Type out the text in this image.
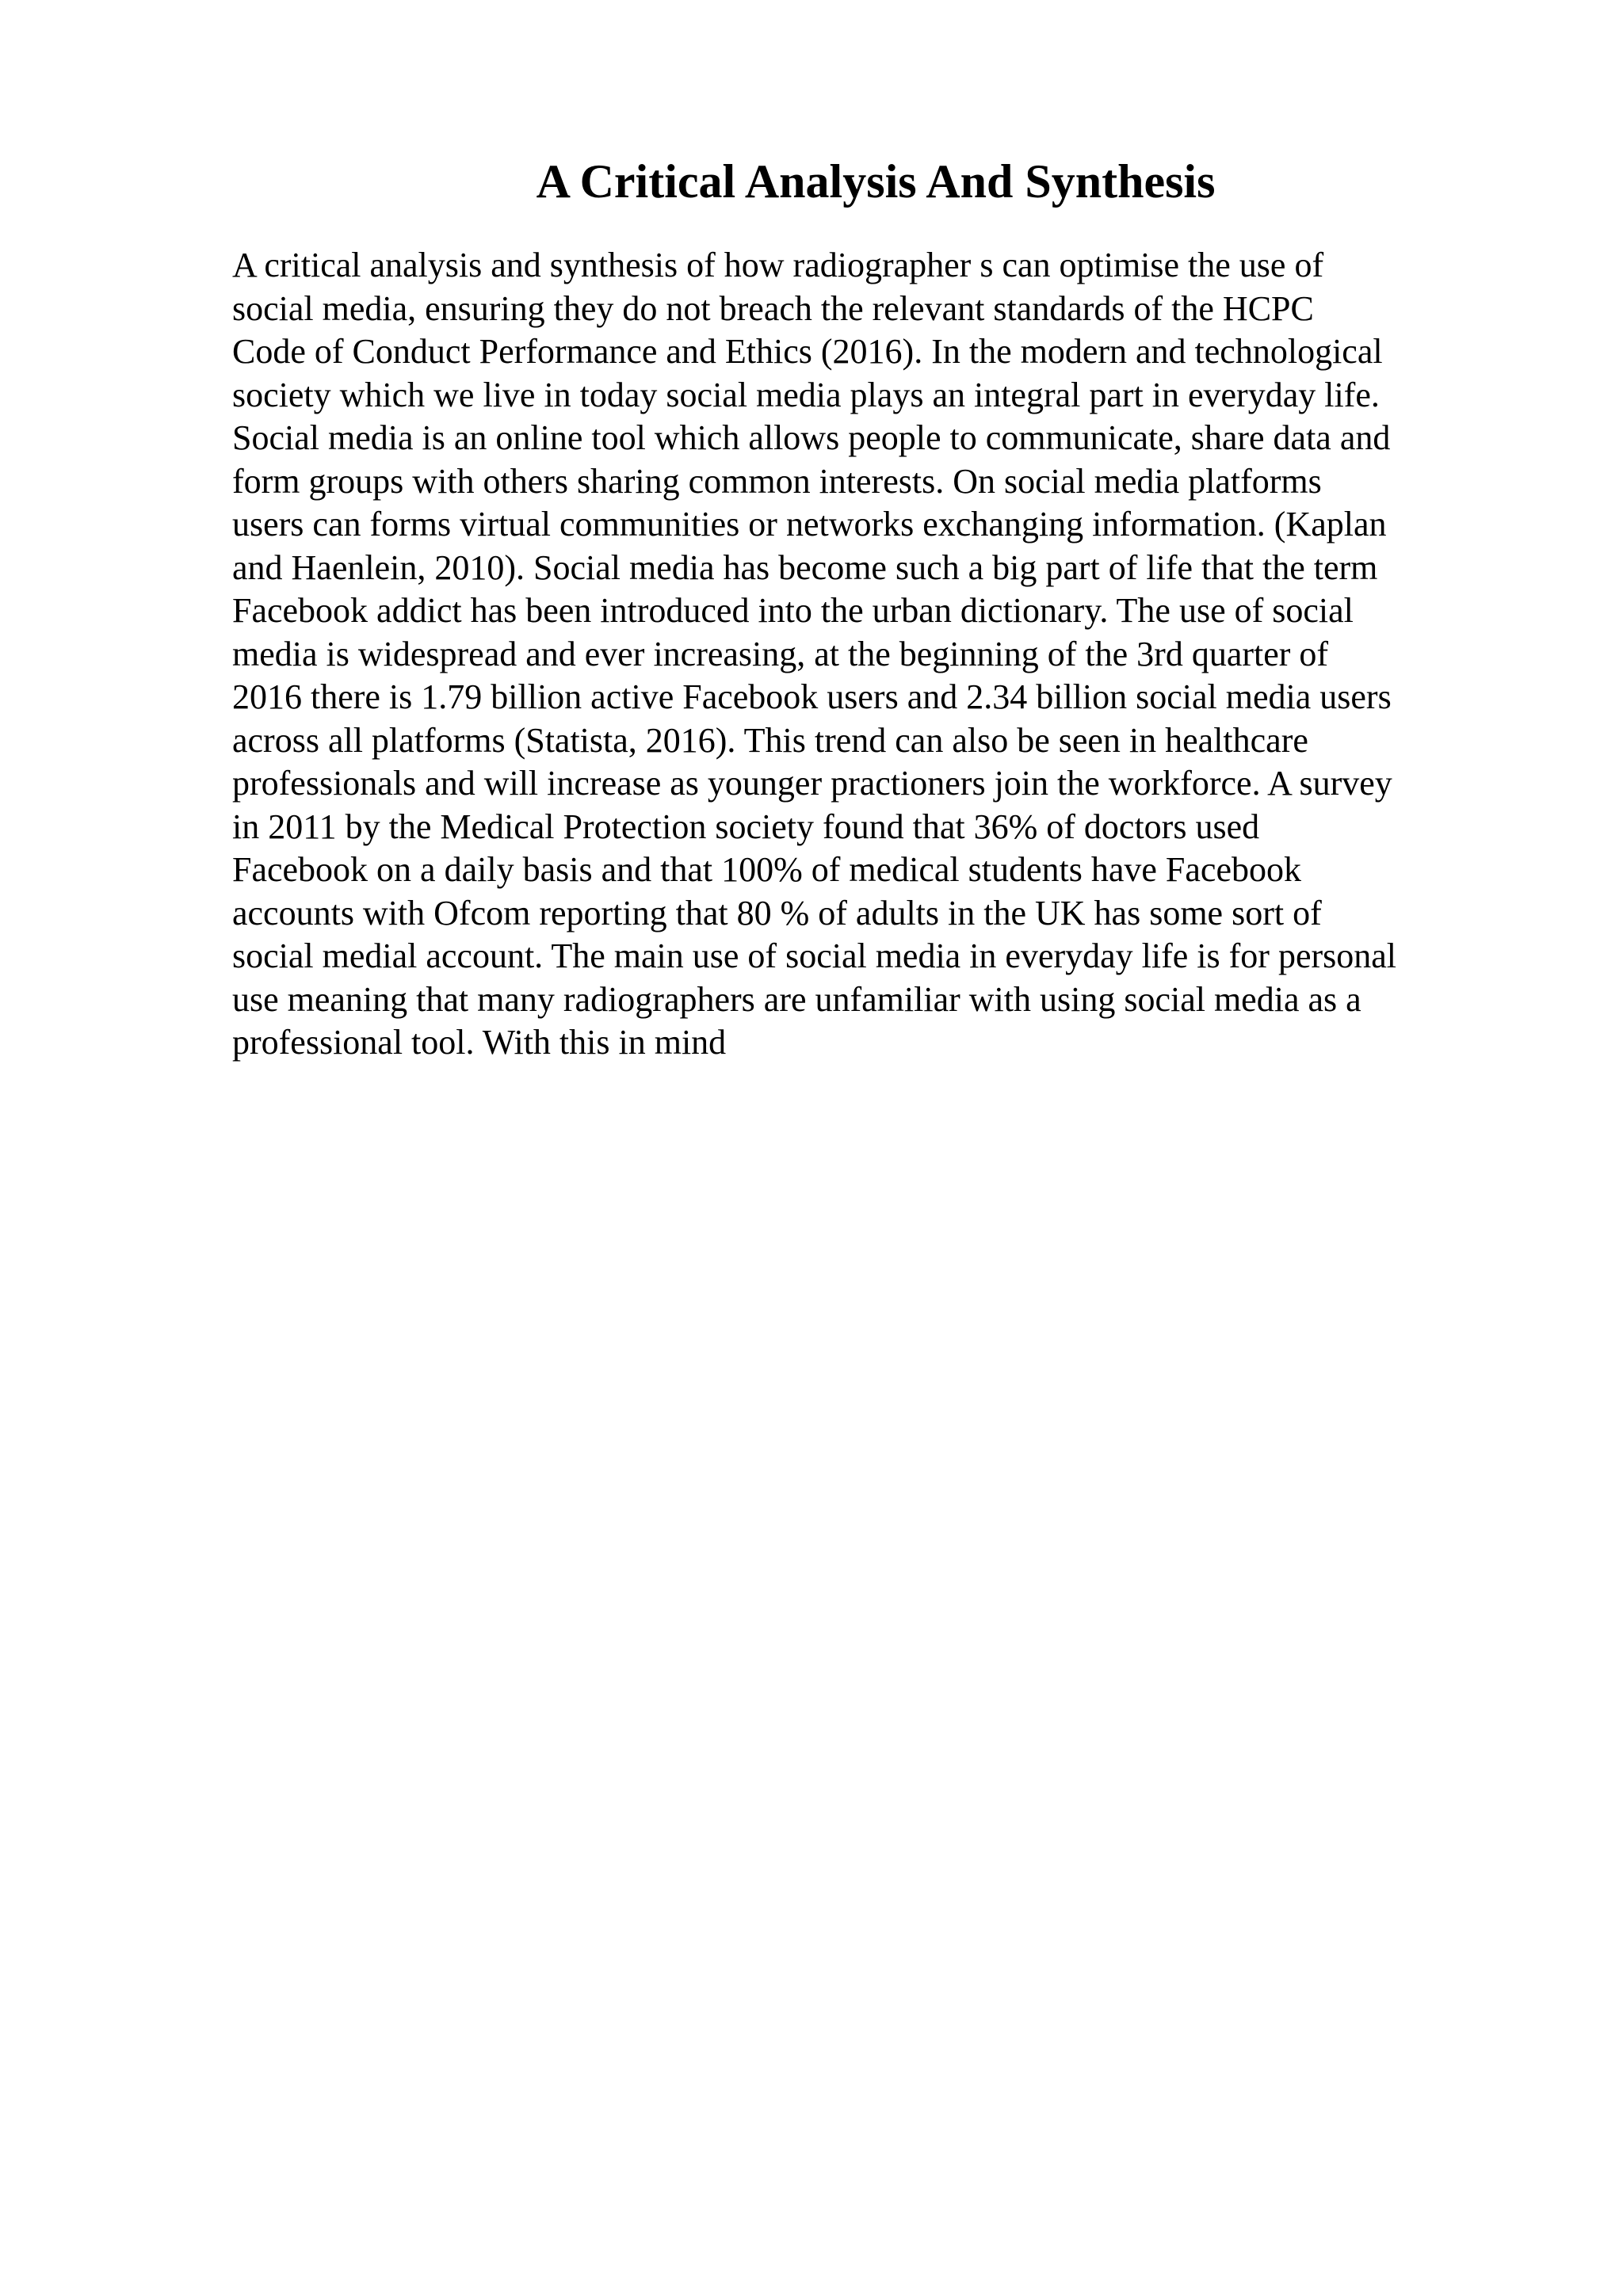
A Critical Analysis And Synthesis
A critical analysis and synthesis of how radiographer s can optimise the use of
social media, ensuring they do not breach the relevant standards of the HCPC
Code of Conduct Performance and Ethics (2016). In the modern and technological
society which we live in today social media plays an integral part in everyday life.
Social media is an online tool which allows people to communicate, share data and
form groups with others sharing common interests. On social media platforms
users can forms virtual communities or networks exchanging information. (Kaplan
and Haenlein, 2010). Social media has become such a big part of life that the term
Facebook addict has been introduced into the urban dictionary. The use of social
media is widespread and ever increasing, at the beginning of the 3rd quarter of
2016 there is 1.79 billion active Facebook users and 2.34 billion social media users
across all platforms (Statista, 2016). This trend can also be seen in healthcare
professionals and will increase as younger practioners join the workforce. A survey
in 2011 by the Medical Protection society found that 36% of doctors used
Facebook on a daily basis and that 100% of medical students have Facebook
accounts with Ofcom reporting that 80 % of adults in the UK has some sort of
social medial account. The main use of social media in everyday life is for personal
use meaning that many radiographers are unfamiliar with using social media as a
professional tool. With this in mind
